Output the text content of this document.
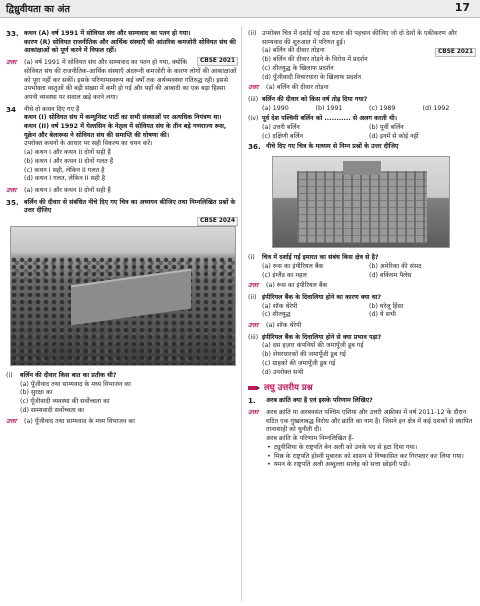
द्विध्रुवीयता का अंत	17
33. कथन (A) वर्ष 1991 में सोवियत संघ और साम्यवाद का पतन हो गया।
कारण (R) सोवियत राजनीतिक और आर्थिक संस्थाएँ की आंतरिक कमजोरी सोवियत संघ की आकांक्षाओं को पूर्ण करने में विफल रहीं।
CBSE 2021
उत्तर (a) वर्ष 1991 में सोवियत संघ और साम्यवाद का पतन हो गया, क्योंकि सोवियत संघ की राजनीतिक-आर्थिक संस्थाएँ अंदरूनी कमजोरी के कारण लोगों की आकांक्षाओं को पूरा नहीं कर सकीं। इसके परिणामस्वरूप कई वर्षों तक अर्थव्यवस्था गतिरुद्ध रही। इससे उपभोक्ता वस्तुओं की बड़ी संख्या में कमी हो गई और यहाँ की आबादी का एक बड़ा हिस्सा अपनी व्यवस्था पर सवाल खड़े करने लगा।
34 नीचे दो कथन दिए गए हैं
कथन (I) सोवियत संघ में कम्युनिस्ट पार्टी का सभी संस्थाओं पर अत्यधिक नियंत्रण था।
कथन (II) वर्ष 1992 में येल्तसिन के नेतृत्व में सोवियत संघ के तीन बड़े गणराज्य रूस, यूक्रेन और बेलारूस ने सोवियत संघ की समाप्ति की घोषणा की।
उपरोक्त कथनों के आधार पर सही विकल्प का चयन करें।
(a) कथन I और कथन II दोनों सही हैं
(b) कथन I और कथन II दोनों गलत हैं
(c) कथन I सही, लेकिन II गलत है
(d) कथन I गलत, लेकिन II सही है
उत्तर (a) कथन I और कथन II दोनों सही हैं
35. बर्लिन की दीवार से संबंधित नीचे दिए गए चित्र का अध्ययन कीजिए तथा निम्नलिखित प्रश्नों के उत्तर दीजिए
CBSE 2024
(i) बर्लिन की दीवार किस बात का प्रतीक थी?
(a) पूँजीवाद तथा साम्यवाद के मध्य विभाजन का
(b) सुरक्षा का
(c) पूँजीवादी व्यवस्था की सर्वोच्चता का
(d) साम्यवादी सर्वोच्चता का
उत्तर (a) पूँजीवाद तथा साम्यवाद के मध्य विभाजन का
(ii) उपरोक्त चित्र में दर्शाई गई उस घटना की पहचान कीजिए जो दो देशों के एकीकरण और साम्यवाद की शुरुआत में परिणत हुई।
CBSE 2021
(a) बर्लिन की दीवार तोड़ना
(b) बर्लिन की दीवार तोड़ने के विरोध में प्रदर्शन
(c) शीतयुद्ध के खिलाफ प्रदर्शन
(d) पूँजीवादी विचारधारा के खिलाफ प्रदर्शन
उत्तर (a) बर्लिन की दीवार तोड़ना
(iii) बर्लिन की दीवार को किस वर्ष तोड़ दिया गया?
(a) 1990	(b) 1991	(c) 1989	(d) 1992
(iv) पूर्व देश पश्चिमी बर्लिन को ........... से अलग करती थी।
(a) उत्तरी बर्लिन	(b) पूर्वी बर्लिन
(c) दक्षिणी बर्लिन	(d) इनमें से कोई नहीं
36. नीचे दिए गए चित्र के माध्यम से निम्न प्रश्नों के उत्तर दीजिए
(i) चित्र में दर्शाई गई इमारत का संबंध किस क्षेत्र से है?
(a) रूस का इंपीरियल बैंक	(b) अमेरिका की संसद
(c) इंग्लैंड का महल	(d) बकिंघम पैलेस
उत्तर (a) रूस का इंपीरियल बैंक
(ii) इंपीरियल बैंक के दिवालिया होने का कारण क्या था?
(a) शॉक थेरेपी	(b) घरेलू हिंसा
(c) शीतयुद्ध	(d) ये सभी
उत्तर (a) शॉक थेरेपी
(iii) इंपीरियल बैंक के दिवालिया होने से क्या प्रभाव पड़ा?
(a) दस हज़ार कंपनियों की जमापूँजी डूब गई
(b) शेयरधारकों की जमापूँजी डूब गई
(c) ग्राहकों की जमापूँजी डूब गई
(d) उपरोक्त सभी
लघु उत्तरीय प्रश्न
1. अरब क्रांति क्या है एवं इसके परिणाम लिखिए?
उत्तर अरब क्रांति या अरबवसंत पश्चिम एशिया और उत्तरी अफ्रीका में वर्ष 2011-12 के दौरान घटित एक गुंखलाबद्ध विरोध और क्रांति का नाम है। जिसने इन क्षेत्र में कई दशकों से स्थापित तानाशाही को चुनौती दी।
अरब क्रांति के परिणाम निम्नलिखित हैं-
• ट्यूनीशिया के राष्ट्रपति बेन अली को उनके पद से हटा दिया गया।
• मिस्र के राष्ट्रपति होस्नी मुबारक को शासन से निष्कासित कर गिरफ्तार कर लिया गया।
• यमन के राष्ट्रपति अली अब्दुल्ला सालेह को सत्ता छोड़नी पड़ी।
